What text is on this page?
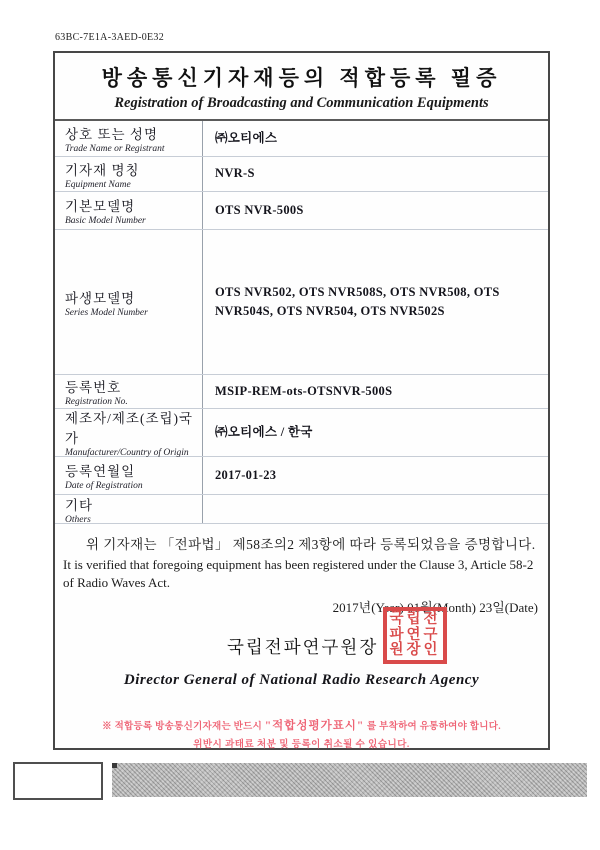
63BC-7E1A-3AED-0E32
방송통신기자재등의 적합등록 필증
Registration of Broadcasting and Communication Equipments
상호 또는 성명
Trade Name or Registrant
㈜오티에스
기자재 명칭
Equipment Name
NVR-S
기본모델명
Basic Model Number
OTS NVR-500S
파생모델명
Series Model Number
OTS NVR502, OTS NVR508S, OTS NVR508, OTS NVR504S, OTS NVR504, OTS NVR502S
등록번호
Registration No.
MSIP-REM-ots-OTSNVR-500S
제조자/제조(조립)국가
Manufacturer/Country of Origin
㈜오티에스 / 한국
등록연월일
Date of Registration
2017-01-23
기타
Others
위 기자재는 「전파법」 제58조의2 제3항에 따라 등록되었음을 증명합니다.
It is verified that foregoing equipment has been registered under the Clause 3, Article 58-2 of Radio Waves Act.
2017년(Year) 01월(Month) 23일(Date)
국립전파연구원장
국립전
파연구
원장인
Director General of National Radio Research Agency
※ 적합등록 방송통신기자재는 반드시 "적합성평가표시" 를 부착하여 유통하여야 합니다.
위반시 과태료 처분 및 등록이 취소될 수 있습니다.
